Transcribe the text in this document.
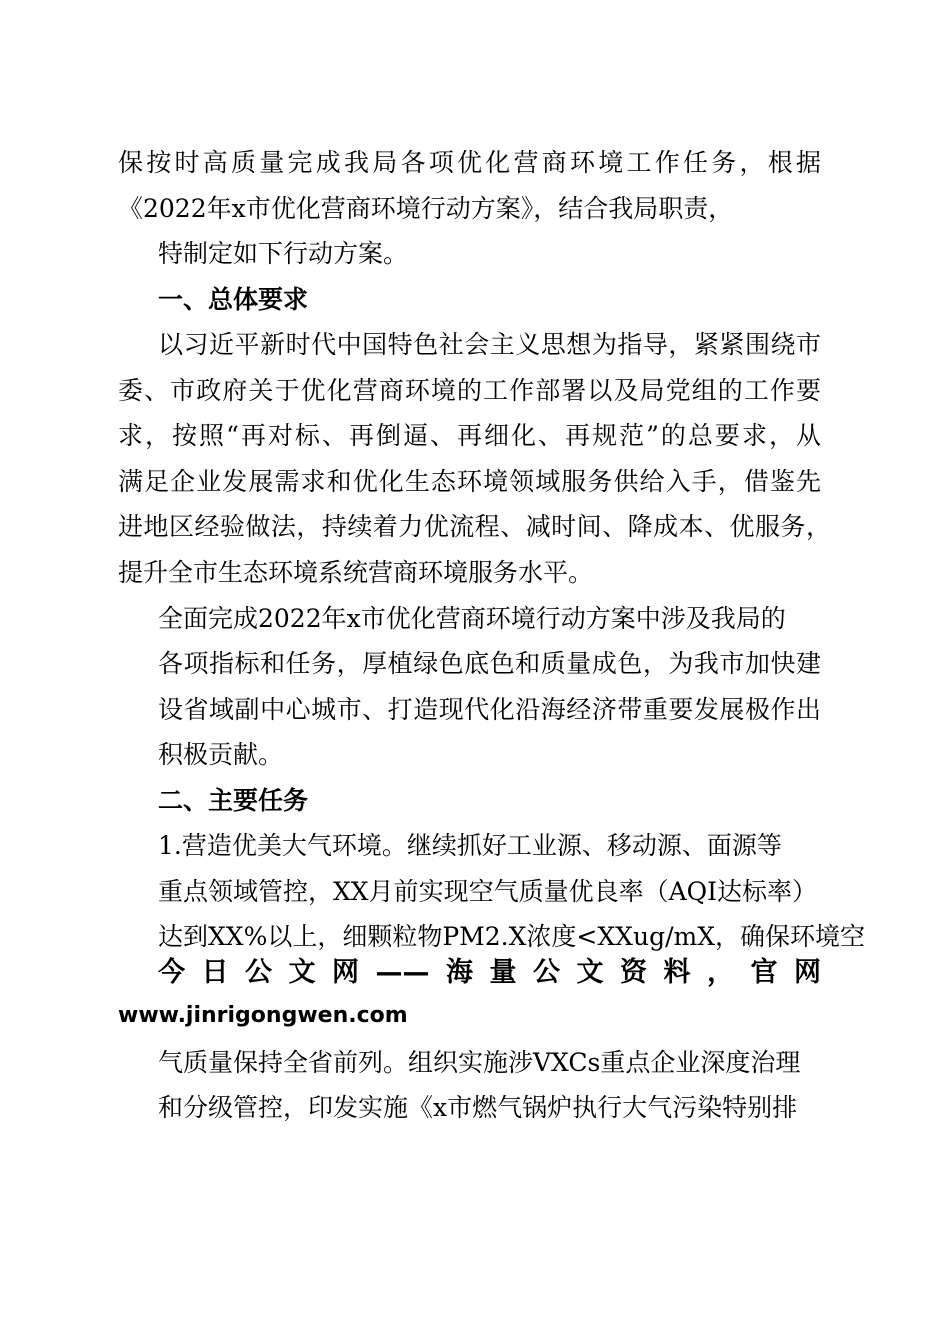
保按时高质量完成我局各项优化营商环境工作任务，根据
《2022年x市优化营商环境行动方案》，结合我局职责，
特制定如下行动方案。
一、总体要求
以习近平新时代中国特色社会主义思想为指导，紧紧围绕市
委、市政府关于优化营商环境的工作部署以及局党组的工作要
求，按照“再对标、再倒逼、再细化、再规范”的总要求，从
满足企业发展需求和优化生态环境领域服务供给入手，借鉴先
进地区经验做法，持续着力优流程、减时间、降成本、优服务，
提升全市生态环境系统营商环境服务水平。
全面完成2022年x市优化营商环境行动方案中涉及我局的
各项指标和任务，厚植绿色底色和质量成色，为我市加快建
设省域副中心城市、打造现代化沿海经济带重要发展极作出
积极贡献。
二、主要任务
1.营造优美大气环境。继续抓好工业源、移动源、面源等
重点领域管控，XX月前实现空气质量优良率（AQI达标率）
达到XX%以上，细颗粒物PM2.X浓度<XXug/mX，确保环境空
今日公文网——海量公文资料，官网
www.jinrigongwen.com
气质量保持全省前列。组织实施涉VXCs重点企业深度治理
和分级管控，印发实施《x市燃气锅炉执行大气污染特别排
